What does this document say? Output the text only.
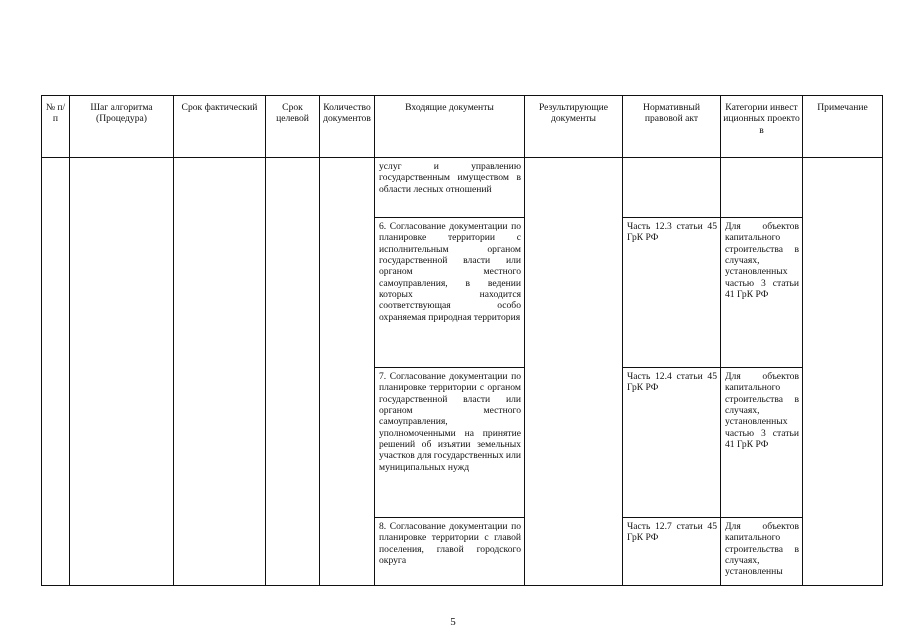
№ п/п	Шаг алгоритма (Процедура)	Срок фактический	Срок целевой	Количество документов	Входящие документы	Результирующие документы	Нормативный правовой акт	Категории инвестиционных проектов	Примечание

					услуг и управлению государственным имуществом в области лесных отношений				

					6. Согласование документации по планировке территории с исполнительным органом государственной власти или органом местного самоуправления, в ведении которых находится соответствующая особо охраняемая природная территория		Часть 12.3 статьи 45 ГрК РФ	Для объектов капитального строительства в случаях, установленных частью 3 статьи 41 ГрК РФ	

					7. Согласование документации по планировке территории с органом государственной власти или органом местного самоуправления, уполномоченными на принятие решений об изъятии земельных участков для государственных или муниципальных нужд		Часть 12.4 статьи 45 ГрК РФ	Для объектов капитального строительства в случаях, установленных частью 3 статьи 41 ГрК РФ	

					8. Согласование документации по планировке территории с главой поселения, главой городского округа		Часть 12.7 статьи 45 ГрК РФ	Для объектов капитального строительства в случаях, установленны	
5
